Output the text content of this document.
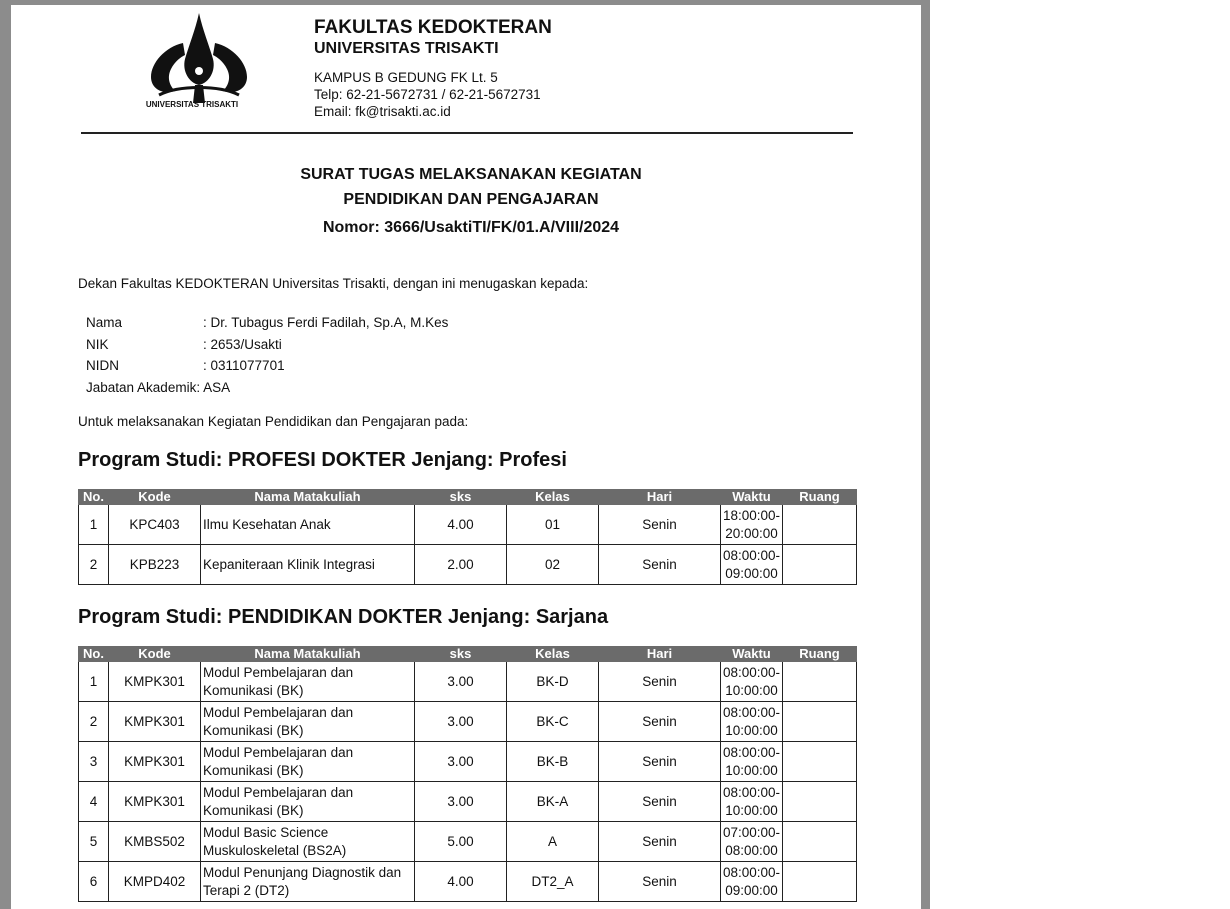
UNIVERSITAS TRISAKTI
FAKULTAS KEDOKTERAN
UNIVERSITAS TRISAKTI
KAMPUS B GEDUNG FK Lt. 5
Telp: 62-21-5672731 / 62-21-5672731
Email: fk@trisakti.ac.id
SURAT TUGAS MELAKSANAKAN KEGIATAN
PENDIDIKAN DAN PENGAJARAN
Nomor: 3666/UsaktiTI/FK/01.A/VIII/2024
Dekan Fakultas KEDOKTERAN Universitas Trisakti, dengan ini menugaskan kepada:
Nama	: Dr. Tubagus Ferdi Fadilah, Sp.A, M.Kes
NIK	: 2653/Usakti
NIDN	: 0311077701
Jabatan Akademik : ASA
Untuk melaksanakan Kegiatan Pendidikan dan Pengajaran pada:
Program Studi: PROFESI DOKTER Jenjang: Profesi
No.	Kode	Nama Matakuliah	sks	Kelas	Hari	Waktu	Ruang
1	KPC403	Ilmu Kesehatan Anak	4.00	01	Senin	18:00:00-
20:00:00	
2	KPB223	Kepaniteraan Klinik Integrasi	2.00	02	Senin	08:00:00-
09:00:00	
Program Studi: PENDIDIKAN DOKTER Jenjang: Sarjana
No.	Kode	Nama Matakuliah	sks	Kelas	Hari	Waktu	Ruang
1	KMPK301	Modul Pembelajaran dan
Komunikasi (BK)	3.00	BK-D	Senin	08:00:00-
10:00:00	
2	KMPK301	Modul Pembelajaran dan
Komunikasi (BK)	3.00	BK-C	Senin	08:00:00-
10:00:00	
3	KMPK301	Modul Pembelajaran dan
Komunikasi (BK)	3.00	BK-B	Senin	08:00:00-
10:00:00	
4	KMPK301	Modul Pembelajaran dan
Komunikasi (BK)	3.00	BK-A	Senin	08:00:00-
10:00:00	
5	KMBS502	Modul Basic Science
Muskuloskeletal (BS2A)	5.00	A	Senin	07:00:00-
08:00:00	
6	KMPD402	Modul Penunjang Diagnostik dan
Terapi 2 (DT2)	4.00	DT2_A	Senin	08:00:00-
09:00:00	
